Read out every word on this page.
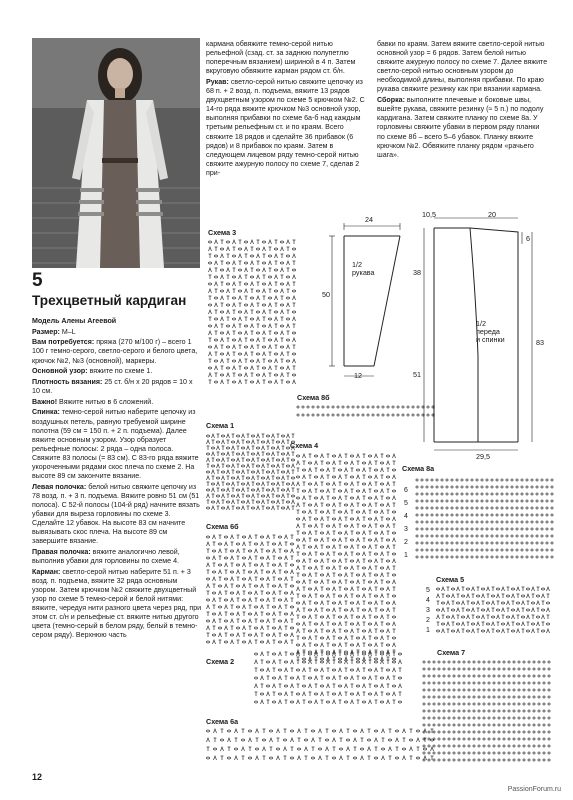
5
Трехцветный кардиган

Модель Алены Агеевой

Размер: M–L

Вам потребуется: пряжа (270 м/100 г) – всего 1 100 г темно-серого, светло-серого и белого цвета, крючок №2, №3 (основной), маркеры.

Основной узор: вяжите по схеме 1.

Плотность вязания: 25 ст. б/н х 20 рядов = 10 х 10 см.

Важно! Вяжите нитью в 6 сложений.

Спинка: темно-серой нитью наберите цепочку из воздушных петель, равную требуемой ширине полотна (59 см = 150 п. + 2 п. подъема). Далее вяжите основным узором. Узор образует рельефные полосы: 2 ряда – одна полоса. Свяжите 83 полосы (= 83 см). С 83-го ряда вяжите укороченными рядами скос плеча по схеме 2. На высоте 89 см закончите вязание.

Левая полочка: белой нитью свяжите цепочку из 78 возд. п. + 3 п. подъема. Вяжите ровно 51 см (51 полоса). С 52-й полосы (104-й ряд) начните вязать убавки для выреза горловины по схеме 3. Сделайте 12 убавок. На высоте 83 см начните вывязывать скос плеча. На высоте 89 см завершите вязание.

Правая полочка: вяжите аналогично левой, выполнив убавки для горловины по схеме 4.

Карман: светло-серой нитью наберите 51 п. + 3 возд. п. подъема, вяжите 32 ряда основным узором. Затем крючком №2 свяжите двухцветный узор по схеме 5 темно-серой и белой нитями: вяжите, чередуя нити разного цвета через ряд, при этом ст. с/н и рельефные ст. вяжите нитью другого цвета (темно-серый в белом ряду, белый в темно-сером ряду). Верхнюю часть

кармана обвяжите темно-серой нитью рельефной (сзад. ст. за заднюю полупетлю поперечным вязанием) шириной в 4 п. Затем вкруговую обвяжите карман рядом ст. б/н.

Рукав: светло-серой нитью свяжите цепочку из 68 п. + 2 возд. п. подъема, вяжите 13 рядов двухцветным узором по схеме 5 крючком №2. С 14-го ряда вяжите крючком №3 основной узор, выполняя прибавки по схеме 6а-б над каждым третьим рельефным ст. и по краям. Всего свяжите 18 рядов и сделайте 36 прибавок (6 рядов) и 8 прибавок по краям. Затем в следующем лицевом ряду темно-серой нитью свяжите ажурную полосу по схеме 7, сделав 2 при-

бавки по краям. Затем вяжите светло-серой нитью основной узор = 6 рядов. Затем белой нитью свяжите ажурную полосу по схеме 7. Далее вяжите светло-серой нитью основным узором до необходимой длины, выполняя прибавки. По краю рукава свяжите резинку как при вязании кармана.

Сборка: выполните плечевые и боковые швы, вшейте рукава, свяжите резинку (≈ 5 п.) по подолу кардигана. Затем свяжите планку по схеме 8а. У горловины свяжите убавки в первом ряду планки по схеме 8б – всего 5–6 убавок. Планку вяжите крючком №2. Обвяжите планку рядом «рачьего шага».

Схема 3
Схема 1
Схема 6б
Схема 2
Схема 6а
Схема 4
Схема 8б
Схема 8а
Схема 5
Схема 7
6
5
4
3
2
1
5
4
3
2
1
24
50
12
1/2
рукава
10,5	20
6
38
51
83
29,5
1/2
переда
и спинки
12
PassionForum.ru
